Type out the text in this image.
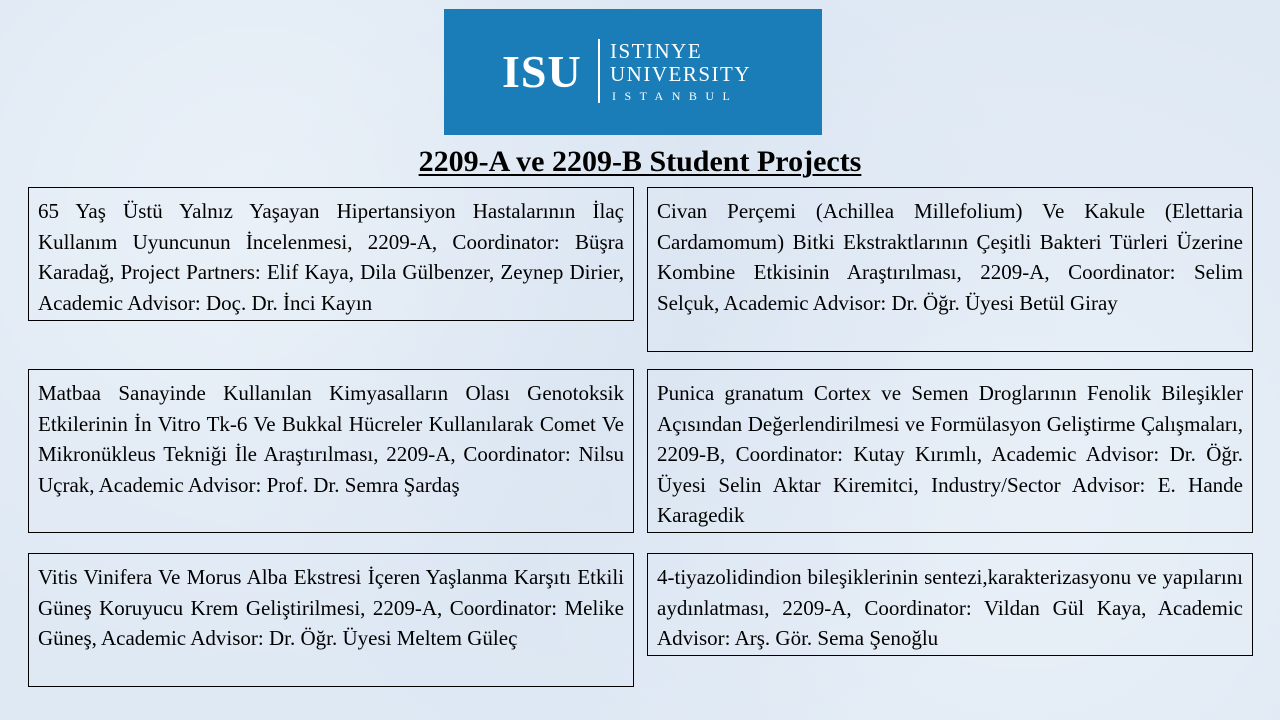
ISU ISTINYE
UNIVERSITY
ISTANBUL
2209-A ve 2209-B Student Projects
65 Yaş Üstü Yalnız Yaşayan Hipertansiyon Hastalarının İlaç Kullanım Uyuncunun İncelenmesi, 2209-A, Coordinator: Büşra Karadağ, Project Partners: Elif Kaya, Dila Gülbenzer, Zeynep Dirier, Academic Advisor: Doç. Dr. İnci Kayın
Civan Perçemi (Achillea Millefolium) Ve Kakule (Elettaria Cardamomum) Bitki Ekstraktlarının Çeşitli Bakteri Türleri Üzerine Kombine Etkisinin Araştırılması, 2209-A, Coordinator: Selim Selçuk, Academic Advisor: Dr. Öğr. Üyesi Betül Giray
Matbaa Sanayinde Kullanılan Kimyasalların Olası Genotoksik Etkilerinin İn Vitro Tk-6 Ve Bukkal Hücreler Kullanılarak Comet Ve Mikronükleus Tekniği İle Araştırılması, 2209-A, Coordinator: Nilsu Uçrak, Academic Advisor: Prof. Dr. Semra Şardaş
Punica granatum Cortex ve Semen Droglarının Fenolik Bileşikler Açısından Değerlendirilmesi ve Formülasyon Geliştirme Çalışmaları, 2209-B, Coordinator: Kutay Kırımlı, Academic Advisor: Dr. Öğr. Üyesi Selin Aktar Kiremitci, Industry/Sector Advisor: E. Hande Karagedik
Vitis Vinifera Ve Morus Alba Ekstresi İçeren Yaşlanma Karşıtı Etkili Güneş Koruyucu Krem Geliştirilmesi, 2209-A, Coordinator: Melike Güneş, Academic Advisor: Dr. Öğr. Üyesi Meltem Güleç
4-tiyazolidindion bileşiklerinin sentezi,karakterizasyonu ve yapılarını aydınlatması, 2209-A, Coordinator: Vildan Gül Kaya, Academic Advisor: Arş. Gör. Sema Şenoğlu
